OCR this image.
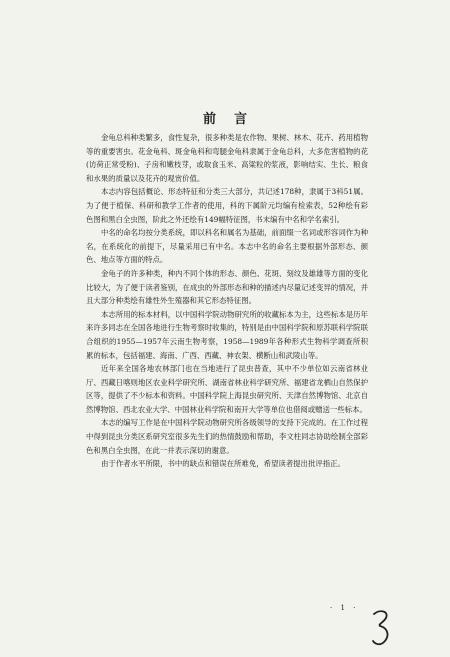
前言

金龟总科种类繁多，食性复杂，很多种类是农作物、果树、林木、花卉、药用植物等的重要害虫。花金龟科、斑金龟科和弯腿金龟科隶属于金龟总科，大多危害植物的花(访荷正常受粉)、子房和嫩枝芽，或取食玉米、高粱粒的浆液，影响结实、生长、粮食和水果的质量以及花卉的观赏价值。

本志内容包括概论、形态特征和分类三大部分，共记述178种，隶属于3科51属。为了便于植保、科研和教学工作者的使用，科的下属阶元均编有检索表，52种绘有彩色图和黑白全虫图，阶此之外还绘有149幅特征图，书末编有中名和学名索引。

中名的命名均按分类系统，即以科名和属名为基础，前面缀一名词或形容词作为种名，在系统化的前提下，尽量采用已有中名。本志中名的命名主要根据外部形态、颜色、地点等方面的特点。

金龟子的许多种类，种内不同个体的形态、颜色、花斑、刻纹及雄雄等方面的变化比较大，为了便于读者鉴别，在成虫的外部形态和种的描述内尽量记述变异的情况，并且大部分种类绘有雄性外生殖器和其它形态特征图。

本志所用的标本材料，以中国科学院动物研究所的收藏标本为主，这些标本是历年来许多同志在全国各地进行生物考察时收集的，特别是由中国科学院和原苏联科学院联合组织的1955—1957年云南生物考察，1958—1989年各种形式生物科学调查所积累的标本，包括福建、海南、广西、西藏、神农架、横断山和武陵山等。

近年来全国各地农林部门也在当地进行了昆虫普查，其中不少单位如云南省林业厅、西藏日喀则地区农业科学研究所、湖南省林业科学研究所、福建省龙栖山自然保护区等，提供了不少标本和资料。中国科学院上海昆虫研究所、天津自然博物馆、北京自然博物馆、西北农业大学、中国林业科学院和南开大学等单位也借阅或赠送一些标本。

本志的编写工作是在中国科学院动物研究所各级领导的支持下完成的。在工作过程中得到昆虫分类区系研究室很多先生们的热情鼓励和帮助，李文柱同志协助绘制全部彩色和黑白全虫图，在此一并表示深切的谢意。

由于作者水平所限，书中的缺点和错误在所难免，希望读者提出批评指正。

· 1 ·
